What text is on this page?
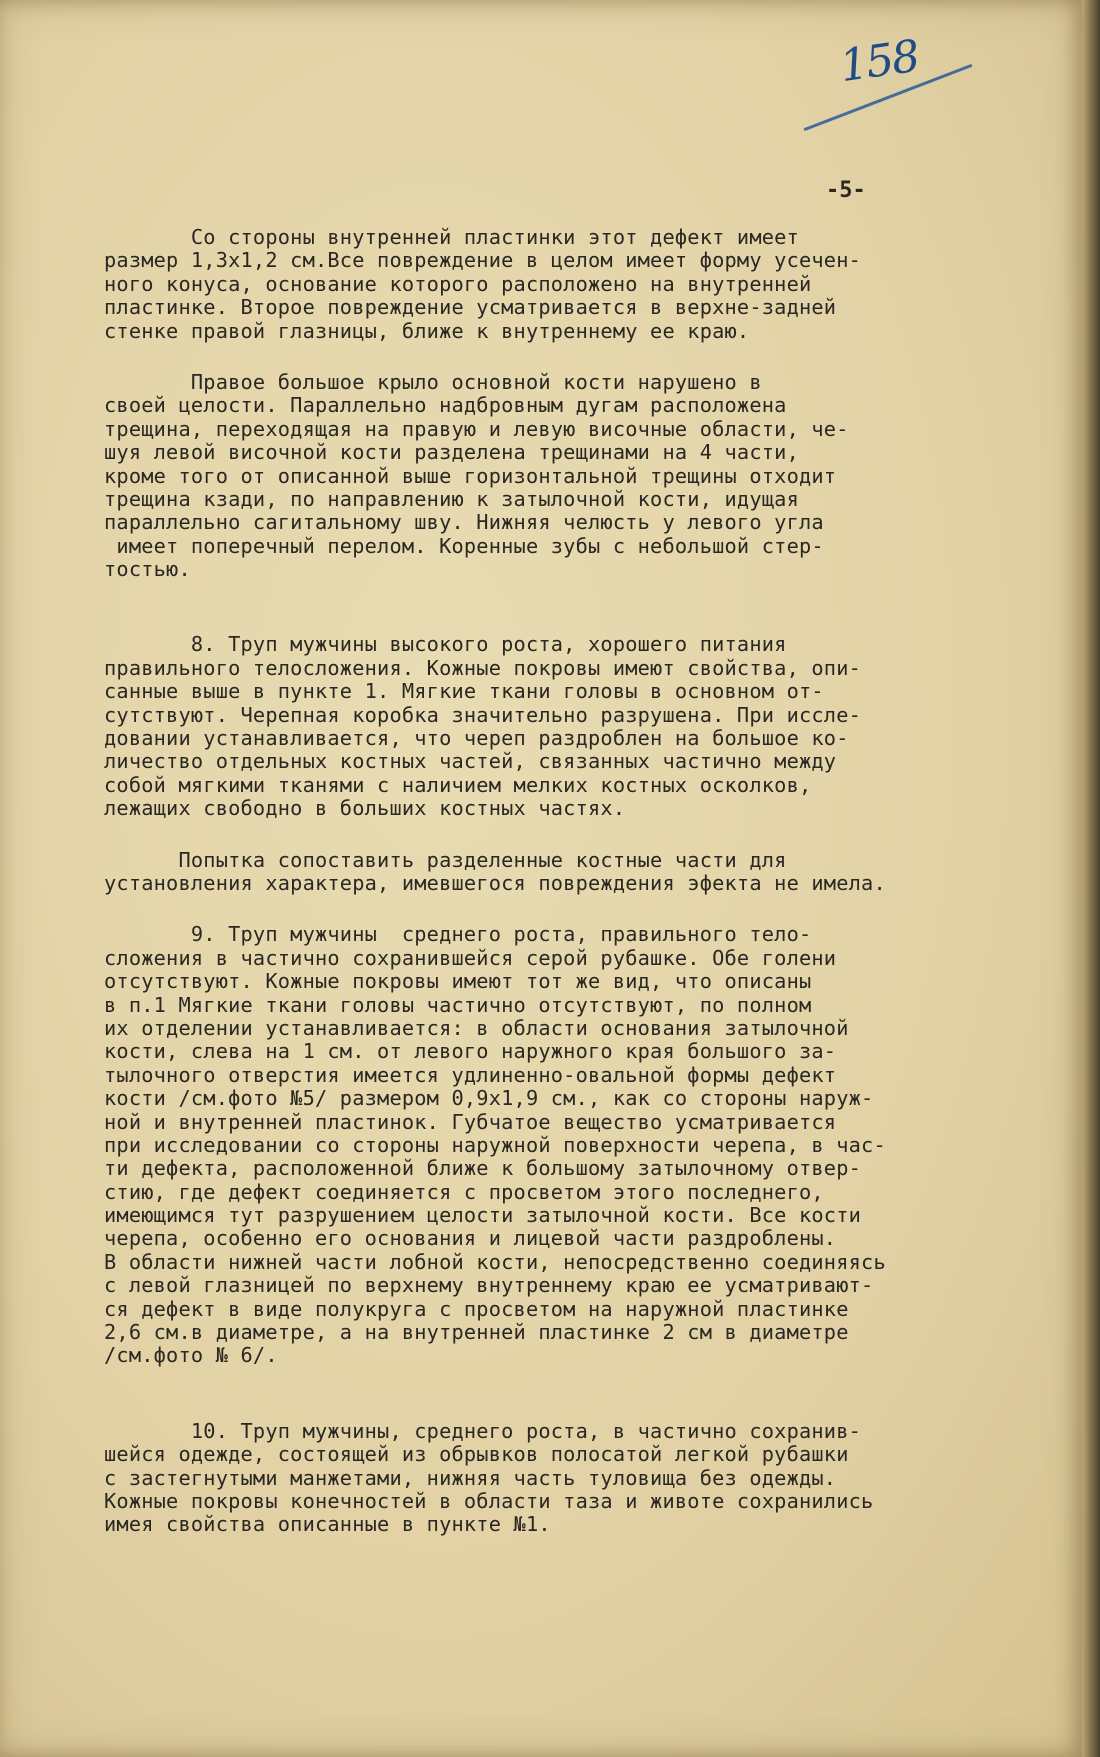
158
-5-
Со стороны внутренней пластинки этот дефект имеет
размер 1,3х1,2 см.Все повреждение в целом имеет форму усечен-
ного конуса, основание которого расположено на внутренней
пластинке. Второе повреждение усматривается в верхне-задней
стенке правой глазницы, ближе к внутреннему ее краю.
Правое большое крыло основной кости нарушено в
своей целости. Параллельно надбровным дугам расположена
трещина, переходящая на правую и левую височные области, че-
шуя левой височной кости разделена трещинами на 4 части,
кроме того от описанной выше горизонтальной трещины отходит
трещина кзади, по направлению к затылочной кости, идущая
параллельно сагитальному шву. Нижняя челюсть у левого угла
имеет поперечный перелом. Коренные зубы с небольшой стер-
тостью.
8. Труп мужчины высокого роста, хорошего питания
правильного телосложения. Кожные покровы имеют свойства, опи-
санные выше в пункте 1. Мягкие ткани головы в основном от-
сутствуют. Черепная коробка значительно разрушена. При иссле-
довании устанавливается, что череп раздроблен на большое ко-
личество отдельных костных частей, связанных частично между
собой мягкими тканями с наличием мелких костных осколков,
лежащих свободно в больших костных частях.
Попытка сопоставить разделенные костные части для
установления характера, имевшегося повреждения эфекта не имела.
9. Труп мужчины  среднего роста, правильного тело-
сложения в частично сохранившейся серой рубашке. Обе голени
отсутствуют. Кожные покровы имеют тот же вид, что описаны
в п.1 Мягкие ткани головы частично отсутствуют, по полном
их отделении устанавливается: в области основания затылочной
кости, слева на 1 см. от левого наружного края большого за-
тылочного отверстия имеется удлиненно-овальной формы дефект
кости /см.фото №5/ размером 0,9х1,9 см., как со стороны наруж-
ной и внутренней пластинок. Губчатое вещество усматривается
при исследовании со стороны наружной поверхности черепа, в час-
ти дефекта, расположенной ближе к большому затылочному отвер-
стию, где дефект соединяется с просветом этого последнего,
имеющимся тут разрушением целости затылочной кости. Все кости
черепа, особенно его основания и лицевой части раздроблены.
В области нижней части лобной кости, непосредственно соединяясь
с левой глазницей по верхнему внутреннему краю ее усматривают-
ся дефект в виде полукруга с просветом на наружной пластинке
2,6 см.в диаметре, а на внутренней пластинке 2 см в диаметре
/см.фото № 6/.
10. Труп мужчины, среднего роста, в частично сохранив-
шейся одежде, состоящей из обрывков полосатой легкой рубашки
с застегнутыми манжетами, нижняя часть туловища без одежды.
Кожные покровы конечностей в области таза и животе сохранились
имея свойства описанные в пункте №1.
